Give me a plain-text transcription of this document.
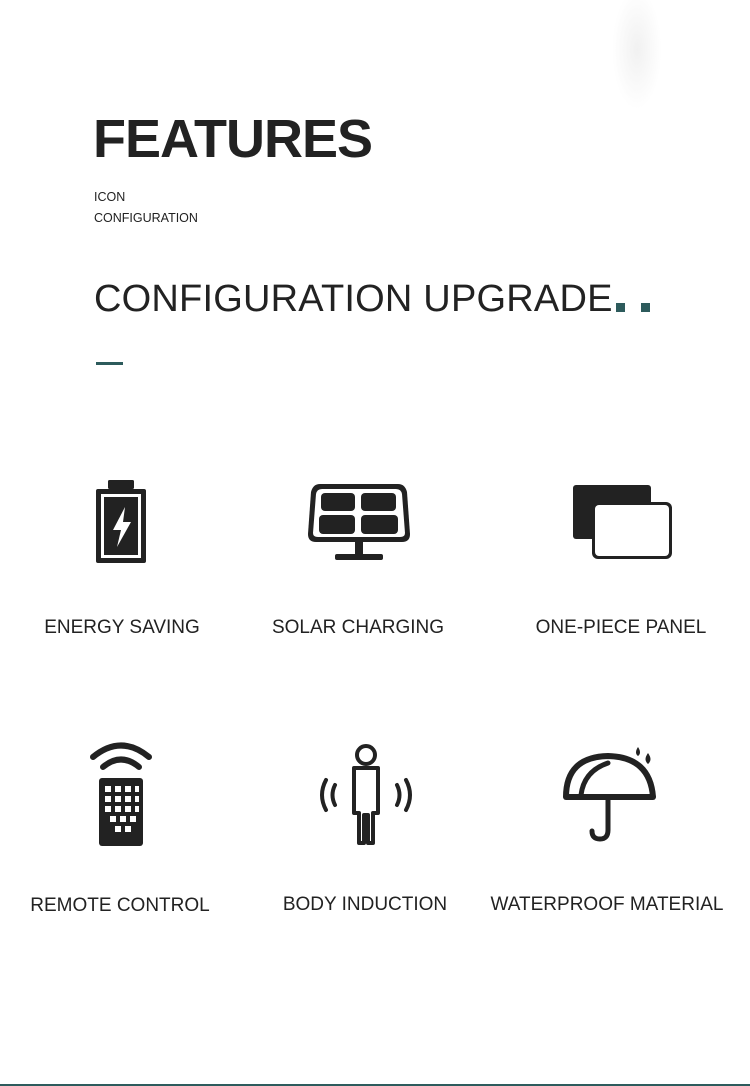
FEATURES
ICON
CONFIGURATION
CONFIGURATION UPGRADE
ENERGY SAVING	SOLAR CHARGING	ONE-PIECE PANEL
REMOTE CONTROL	BODY INDUCTION	WATERPROOF MATERIAL
